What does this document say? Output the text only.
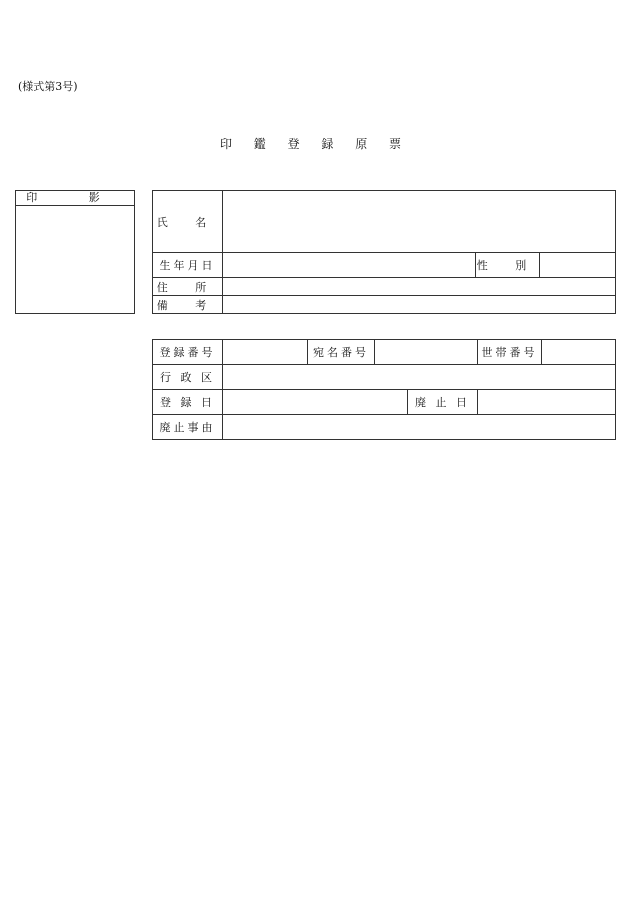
(様式第3号)
印 鑑 登 録 原 票
印 影

氏 名			
生年月日		性 別	
住 所			
備 考			
登録番号		宛名番号			世帯番号	
行 政 区						
登 録 日				廃 止 日		
廃止事由						
